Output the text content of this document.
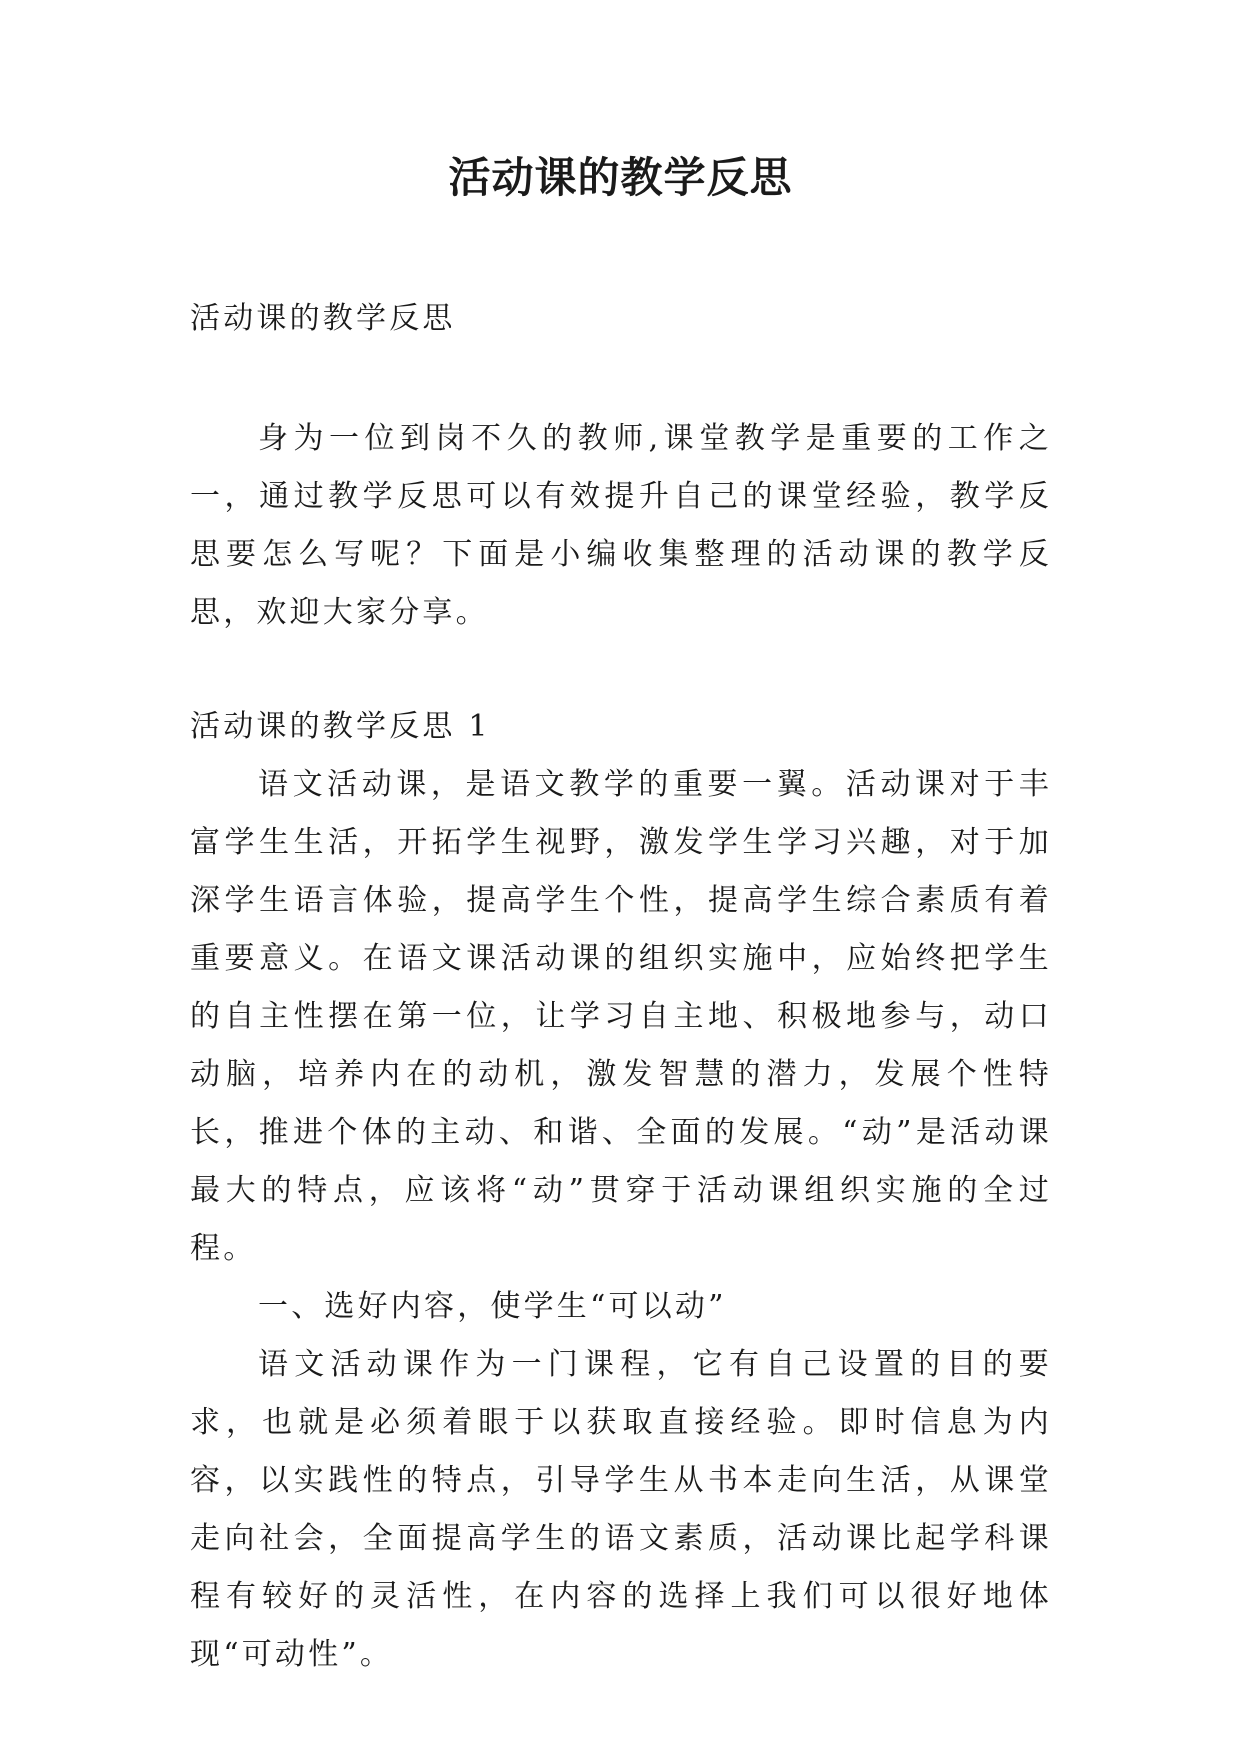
活动课的教学反思

活动课的教学反思

身为一位到岗不久的教师,课堂教学是重要的工作之一，通过教学反思可以有效提升自己的课堂经验，教学反思要怎么写呢？下面是小编收集整理的活动课的教学反思，欢迎大家分享。

活动课的教学反思 1

语文活动课，是语文教学的重要一翼。活动课对于丰富学生生活，开拓学生视野，激发学生学习兴趣，对于加深学生语言体验，提高学生个性，提高学生综合素质有着重要意义。在语文课活动课的组织实施中，应始终把学生的自主性摆在第一位，让学习自主地、积极地参与，动口动脑，培养内在的动机，激发智慧的潜力，发展个性特长，推进个体的主动、和谐、全面的发展。“动”是活动课最大的特点，应该将“动”贯穿于活动课组织实施的全过程。

一、选好内容，使学生“可以动”

语文活动课作为一门课程，它有自己设置的目的要求，也就是必须着眼于以获取直接经验。即时信息为内容，以实践性的特点，引导学生从书本走向生活，从课堂走向社会，全面提高学生的语文素质，活动课比起学科课程有较好的灵活性，在内容的选择上我们可以很好地体现“可动性”。
